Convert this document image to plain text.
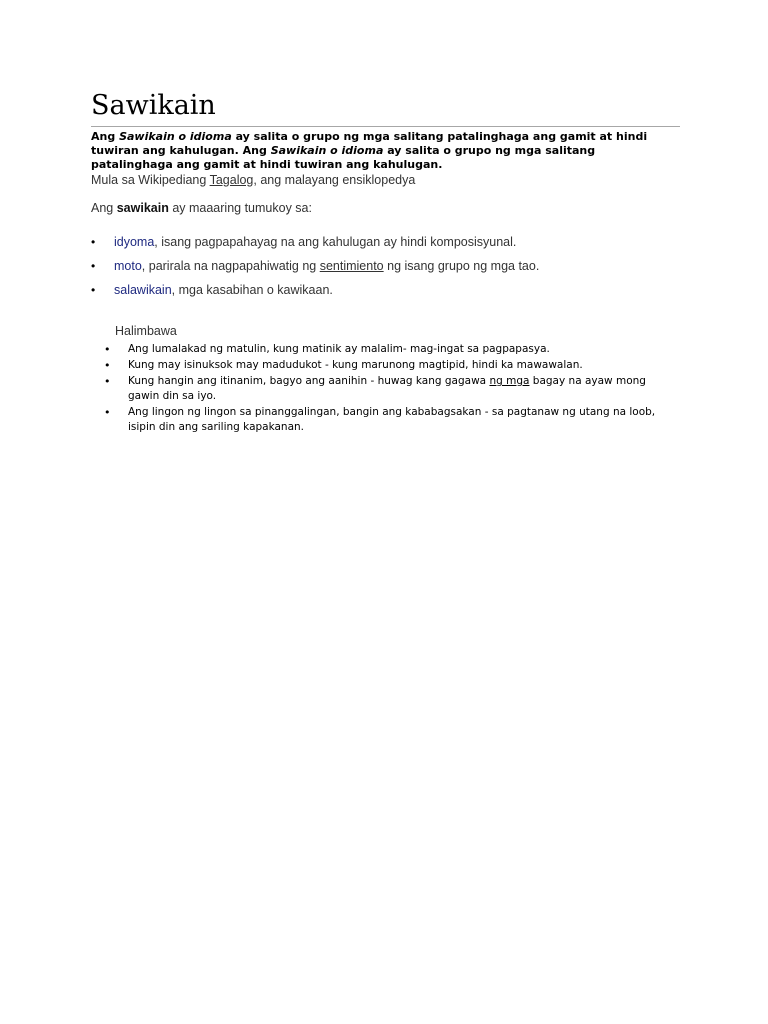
Sawikain

Ang Sawikain o idioma ay salita o grupo ng mga salitang patalinghaga ang gamit at hindi tuwiran ang kahulugan. Ang Sawikain o idioma ay salita o grupo ng mga salitang patalinghaga ang gamit at hindi tuwiran ang kahulugan.

Mula sa Wikipediang Tagalog, ang malayang ensiklopedya

Ang sawikain ay maaaring tumukoy sa:

• idyoma, isang pagpapahayag na ang kahulugan ay hindi komposisyunal.
• moto, parirala na nagpapahiwatig ng sentimiento ng isang grupo ng mga tao.
• salawikain, mga kasabihan o kawikaan.

Halimbawa

• Ang lumalakad ng matulin, kung matinik ay malalim- mag-ingat sa pagpapasya.
• Kung may isinuksok may madudukot - kung marunong magtipid, hindi ka mawawalan.
• Kung hangin ang itinanim, bagyo ang aanihin - huwag kang gagawa ng mga bagay na ayaw mong gawin din sa iyo.
• Ang lingon ng lingon sa pinanggalingan, bangin ang kababagsakan - sa pagtanaw ng utang na loob, isipin din ang sariling kapakanan.
